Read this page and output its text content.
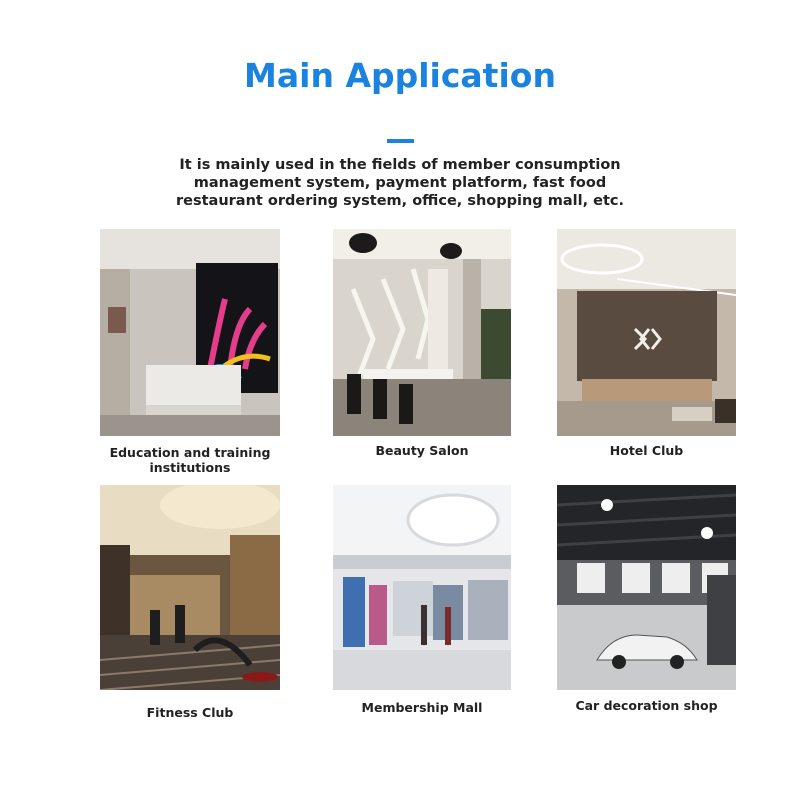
Main Application
It is mainly used in the fields of member consumption management system, payment platform, fast food restaurant ordering system, office, shopping mall, etc.
Education and training institutions
Beauty Salon	Hotel Club
Fitness Club	Membership Mall	Car decoration shop
